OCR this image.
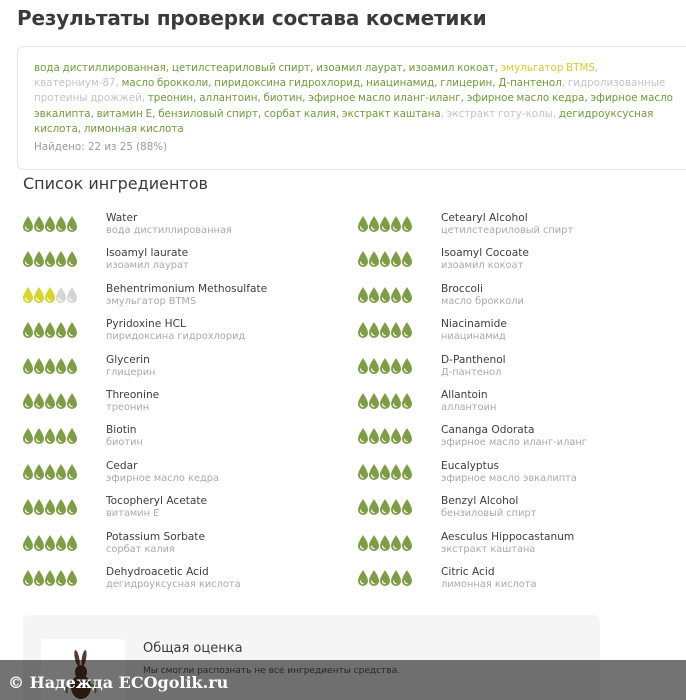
Результаты проверки состава косметики
вода дистиллированная, цетилстеариловый спирт, изоамил лаурат, изоамил кокоат, эмульгатор BTMS, кватерниум-87, масло брокколи, пиридоксина гидрохлорид, ниацинамид, глицерин, Д-пантенол, гидролизованные протеины дрожжей, треонин, аллантоин, биотин, эфирное масло иланг-иланг, эфирное масло кедра, эфирное масло эвкалипта, витамин E, бензиловый спирт, сорбат калия, экстракт каштана, экстракт готу-колы, дегидроуксусная кислота, лимонная кислота
Найдено: 22 из 25 (88%)
Список ингредиентов
Water
вода дистиллированная
Cetearyl Alcohol
цетилстеариловый спирт
Isoamyl laurate
изоамил лаурат
Isoamyl Cocoate
изоамил кокоат
Behentrimonium Methosulfate
эмульгатор BTMS
Broccoli
масло брокколи
Pyridoxine HCL
пиридоксина гидрохлорид
Niacinamide
ниацинамид
Glycerin
глицерин
D-Panthenol
Д-пантенол
Threonine
треонин
Allantoin
аллантоин
Biotin
биотин
Cananga Odorata
эфирное масло иланг-иланг
Cedar
эфирное масло кедра
Eucalyptus
эфирное масло эвкалипта
Tocopheryl Acetate
витамин E
Benzyl Alcohol
бензиловый спирт
Potassium Sorbate
сорбат калия
Aesculus Hippocastanum
экстракт каштана
Dehydroacetic Acid
дегидроуксусная кислота
Citric Acid
лимонная кислота
Общая оценка
© Надежда ECOgolik.ru
